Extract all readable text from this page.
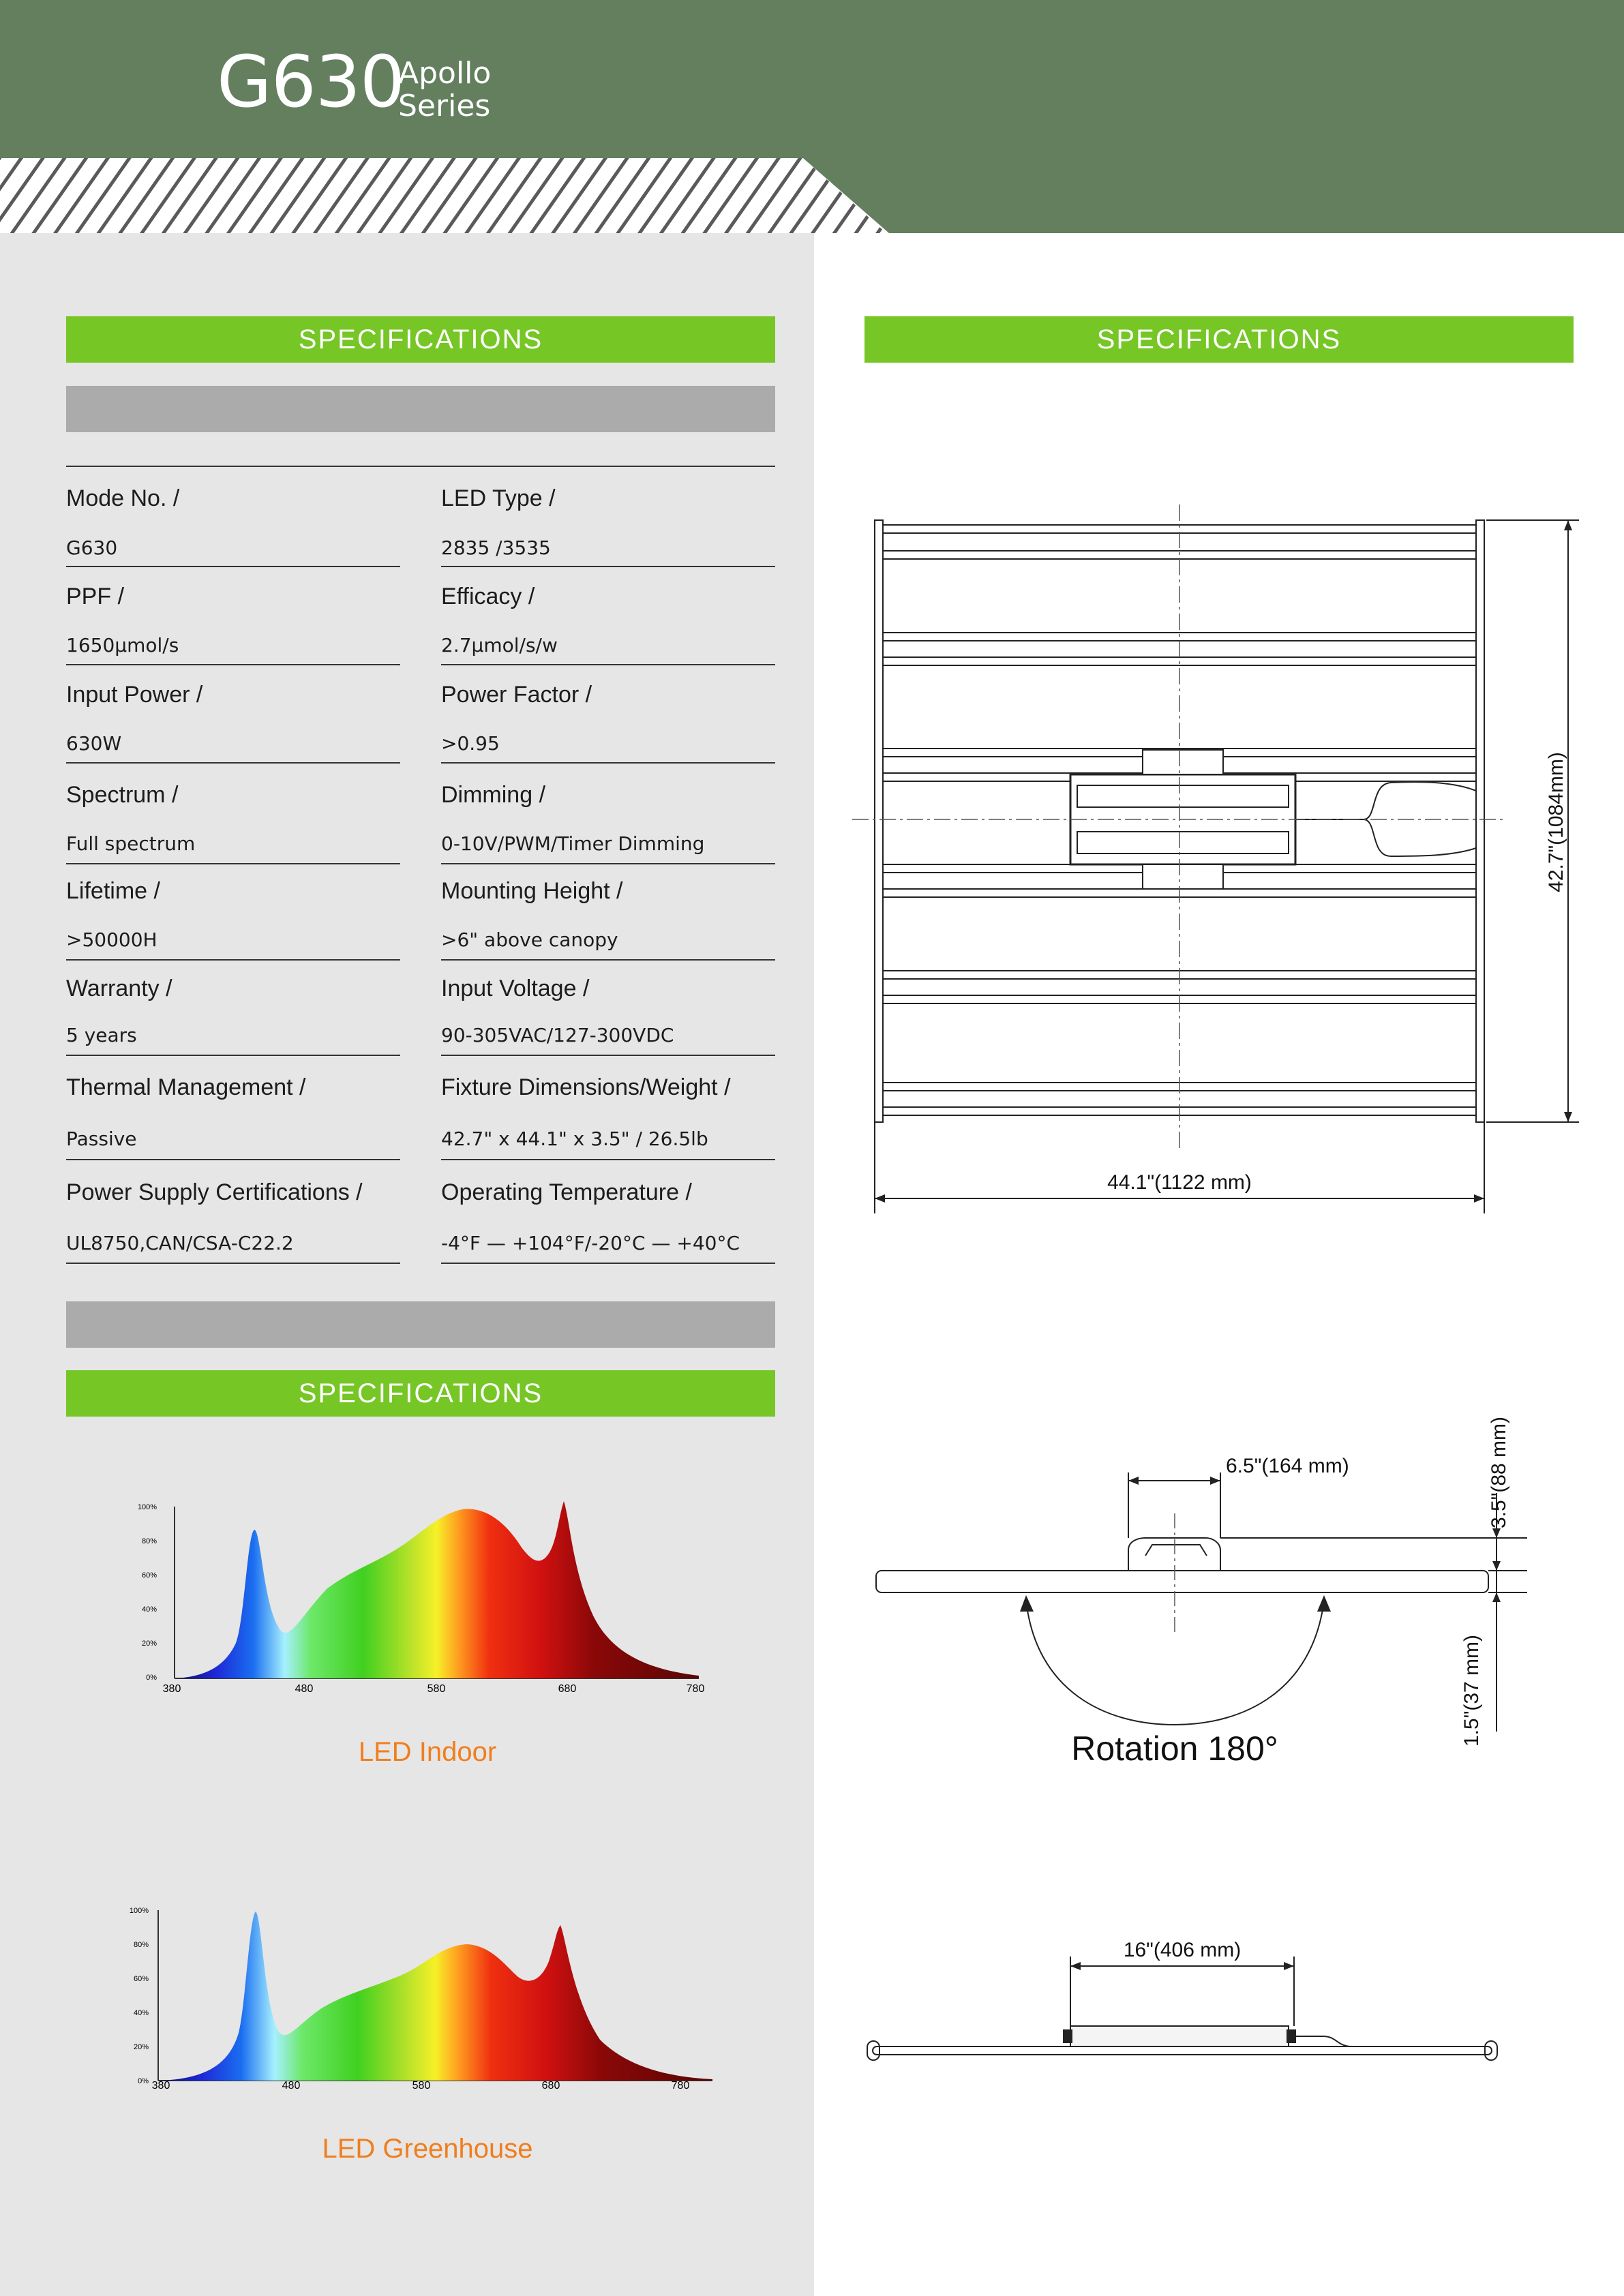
G630
Apollo
Series
SPECIFICATIONS
Mode No. /
G630
LED Type /
2835 /3535
PPF /
1650μmol/s
Efficacy /
2.7μmol/s/w
Input Power /
630W
Power Factor /
>0.95
Spectrum /
Full spectrum
Dimming /
0-10V/PWM/Timer Dimming
Lifetime /
>50000H
Mounting Height /
>6" above canopy
Warranty /
5 years
Input Voltage /
90-305VAC/127-300VDC
Thermal Management /
Passive
Fixture Dimensions/Weight /
42.7" x 44.1" x 3.5" / 26.5lb
Power Supply Certifications /
UL8750,CAN/CSA-C22.2
Operating Temperature /
-4°F — +104°F/-20°C — +40°C
SPECIFICATIONS
100%
80%
60%
40%
20%
0%
380	480	580	680	780
LED Indoor
100%
80%
60%
40%
20%
0% 380	480	580	680	780
LED Greenhouse
SPECIFICATIONS
44.1"(1122 mm)
42.7"(1084mm)
6.5"(164 mm)	3.5"(88 mm)
1.5"(37 mm)
Rotation 180°
16"(406 mm)
